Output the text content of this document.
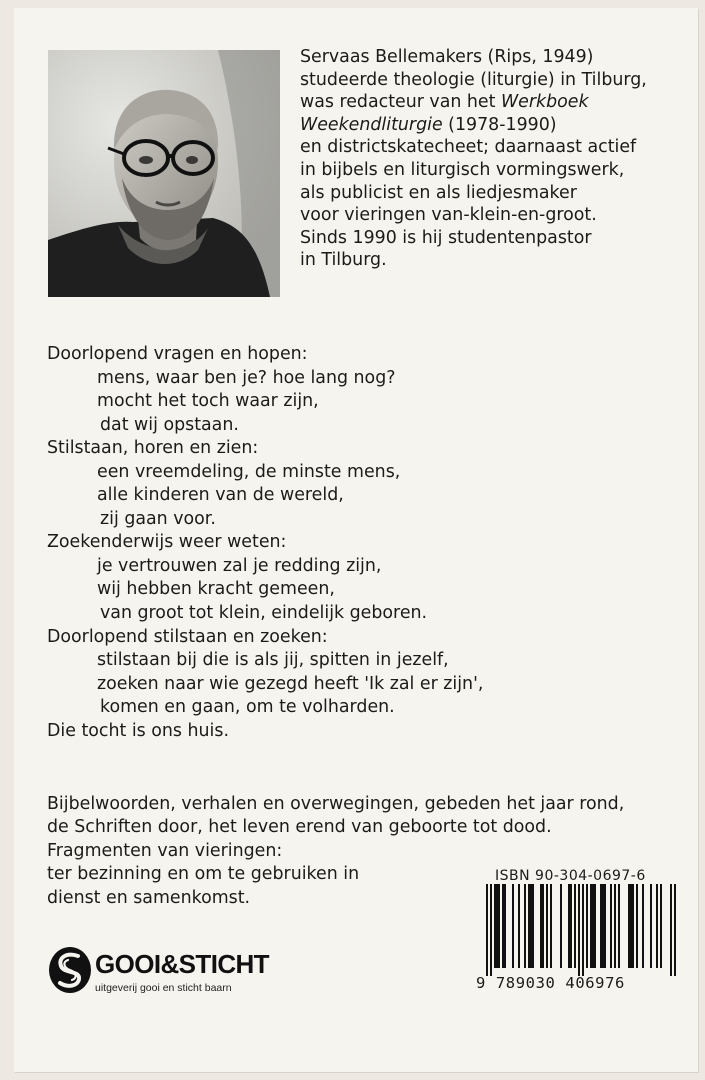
Servaas Bellemakers (Rips, 1949)

studeerde theologie (liturgie) in Tilburg,

was redacteur van het Werkboek

Weekendliturgie (1978-1990)

en districtskatecheet; daarnaast actief

in bijbels en liturgisch vormingswerk,

als publicist en als liedjesmaker

voor vieringen van-klein-en-groot.

Sinds 1990 is hij studentenpastor

in Tilburg.

Doorlopend vragen en hopen:
mens, waar ben je? hoe lang nog?
mocht het toch waar zijn,
dat wij opstaan.
Stilstaan, horen en zien:
een vreemdeling, de minste mens,
alle kinderen van de wereld,
zij gaan voor.
Zoekenderwijs weer weten:
je vertrouwen zal je redding zijn,
wij hebben kracht gemeen,
van groot tot klein, eindelijk geboren.
Doorlopend stilstaan en zoeken:
stilstaan bij die is als jij, spitten in jezelf,
zoeken naar wie gezegd heeft 'Ik zal er zijn',
komen en gaan, om te volharden.
Die tocht is ons huis.
Bijbelwoorden, verhalen en overwegingen, gebeden het jaar rond,
de Schriften door, het leven erend van geboorte tot dood.
Fragmenten van vieringen:
ter bezinning en om te gebruiken in
dienst en samenkomst.
ISBN 90-304-0697-6
9 789030 406976
GOOI&STICHT
uitgeverij gooi en sticht baarn
